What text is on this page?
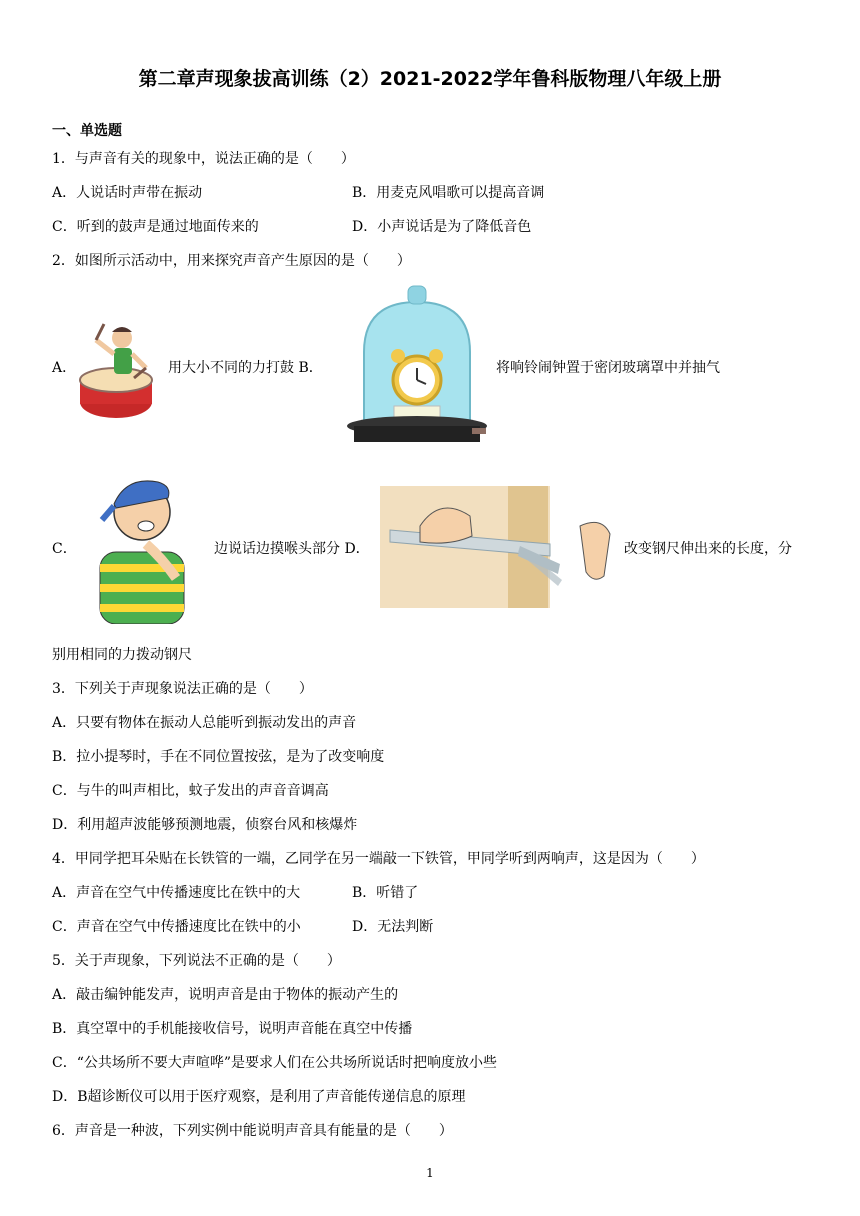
第二章声现象拔高训练（2）2021-2022学年鲁科版物理八年级上册
一、单选题
1．与声音有关的现象中，说法正确的是（　　）
A．人说话时声带在振动	B．用麦克风唱歌可以提高音调
C．听到的鼓声是通过地面传来的	D．小声说话是为了降低音色
2．如图所示活动中，用来探究声音产生原因的是（　　）
A．	用大小不同的力打鼓 B．	将响铃闹钟置于密闭玻璃罩中并抽气
C．	边说话边摸喉头部分 D．	改变钢尺伸出来的长度，分
别用相同的力拨动钢尺
3．下列关于声现象说法正确的是（　　）
A．只要有物体在振动人总能听到振动发出的声音
B．拉小提琴时，手在不同位置按弦，是为了改变响度
C．与牛的叫声相比，蚊子发出的声音音调高
D．利用超声波能够预测地震，侦察台风和核爆炸
4．甲同学把耳朵贴在长铁管的一端，乙同学在另一端敲一下铁管，甲同学听到两响声，这是因为（　　）
A．声音在空气中传播速度比在铁中的大	B．听错了
C．声音在空气中传播速度比在铁中的小	D．无法判断
5．关于声现象，下列说法不正确的是（　　）
A．敲击编钟能发声，说明声音是由于物体的振动产生的
B．真空罩中的手机能接收信号，说明声音能在真空中传播
C．“公共场所不要大声喧哗”是要求人们在公共场所说话时把响度放小些
D．B超诊断仪可以用于医疗观察，是利用了声音能传递信息的原理
6．声音是一种波，下列实例中能说明声音具有能量的是（　　）
1
